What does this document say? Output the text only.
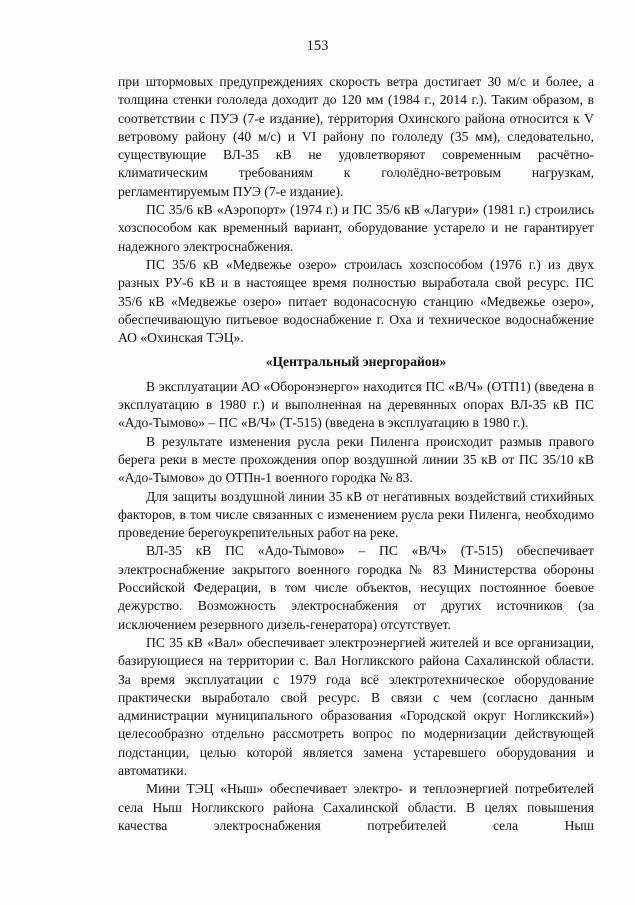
153

при штормовых предупреждениях скорость ветра достигает 30 м/с и более, а толщина стенки гололеда доходит до 120 мм (1984 г., 2014 г.). Таким образом, в соответствии с ПУЭ (7-е издание), территория Охинского района относится к V ветровому району (40 м/с) и VI району по гололеду (35 мм), следовательно, существующие ВЛ-35 кВ не удовлетворяют современным расчётно-климатическим требованиям к гололёдно-ветровым нагрузкам, регламентируемым ПУЭ (7-е издание).

ПС 35/6 кВ «Аэропорт» (1974 г.) и ПС 35/6 кВ «Лагури» (1981 г.) строились хозспособом как временный вариант, оборудование устарело и не гарантирует надежного электроснабжения.

ПС 35/6 кВ «Медвежье озеро» строилась хозспособом (1976 г.) из двух разных РУ-6 кВ и в настоящее время полностью выработала свой ресурс. ПС 35/6 кВ «Медвежье озеро» питает водонасосную станцию «Медвежье озеро», обеспечивающую питьевое водоснабжение г. Оха и техническое водоснабжение АО «Охинская ТЭЦ».

«Центральный энергорайон»

В эксплуатации АО «Оборонэнерго» находится ПС «В/Ч» (ОТП1) (введена в эксплуатацию в 1980 г.) и выполненная на деревянных опорах ВЛ-35 кВ ПС «Адо-Тымово» – ПС «В/Ч» (Т-515) (введена в эксплуатацию в 1980 г.).

В результате изменения русла реки Пиленга происходит размыв правого берега реки в месте прохождения опор воздушной линии 35 кВ от ПС 35/10 кВ «Адо-Тымово» до ОТПн-1 военного городка № 83.

Для защиты воздушной линии 35 кВ от негативных воздействий стихийных факторов, в том числе связанных с изменением русла реки Пиленга, необходимо проведение берегоукрепительных работ на реке.

ВЛ-35 кВ ПС «Адо-Тымово» – ПС «В/Ч» (Т-515) обеспечивает электроснабжение закрытого военного городка № 83 Министерства обороны Российской Федерации, в том числе объектов, несущих постоянное боевое дежурство. Возможность электроснабжения от других источников (за исключением резервного дизель-генератора) отсутствует.

ПС 35 кВ «Вал» обеспечивает электроэнергией жителей и все организации, базирующиеся на территории с. Вал Ногликского района Сахалинской области. За время эксплуатации с 1979 года всё электротехническое оборудование практически выработало свой ресурс. В связи с чем (согласно данным администрации муниципального образования «Городской округ Ногликский») целесообразно отдельно рассмотреть вопрос по модернизации действующей подстанции, целью которой является замена устаревшего оборудования и автоматики.

Мини ТЭЦ «Ныш» обеспечивает электро- и теплоэнергией потребителей села Ныш Ногликского района Сахалинской области. В целях повышения качества электроснабжения потребителей села Ныш
